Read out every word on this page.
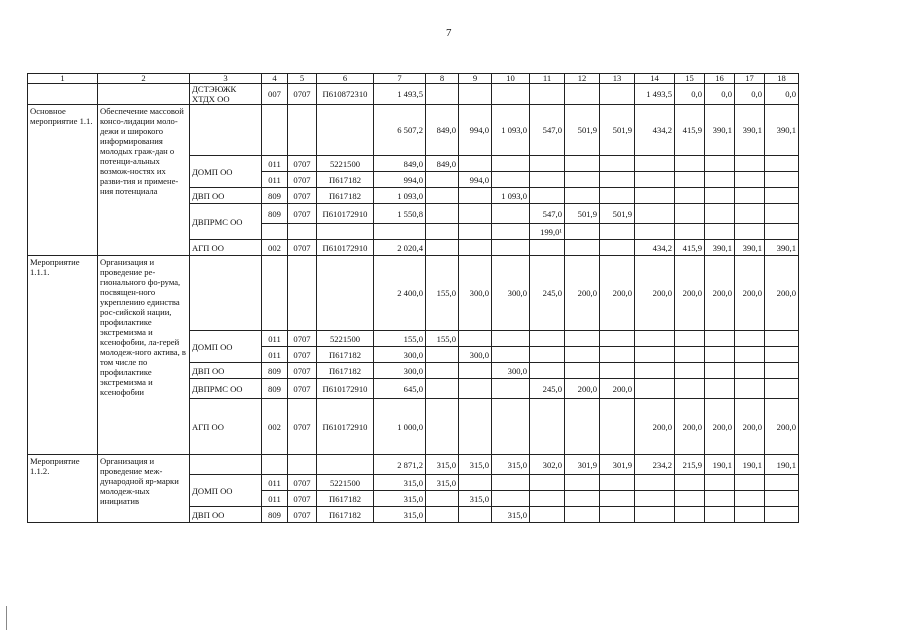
7
1	2	3	4	5	6	7	8	9	10	11	12	13	14	15	16	17	18
		ДСТЭЮЖК ХТДХ ОО	007	0707	П610872310	1 493,5							1 493,5	0,0	0,0	0,0	0,0
Основное мероприятие 1.1.	Обеспечение массовой консо-лидации моло-дежи и широкого информирования молодых граж-дан о потенци-альных возмож-ностях их разви-тия и примене-ния потенциала					6 507,2	849,0	994,0	1 093,0	547,0	501,9	501,9	434,2	415,9	390,1	390,1	390,1
		ДОМП ОО	011	0707	5221500	849,0	849,0										
			011	0707	П617182	994,0		994,0									
		ДВП ОО	809	0707	П617182	1 093,0			1 093,0								
		ДВПРМС ОО	809	0707	П610172910	1 550,8				547,0	501,9	501,9					
										199,0¹							
		АГП ОО	002	0707	П610172910	2 020,4							434,2	415,9	390,1	390,1	390,1
Мероприятие 1.1.1.	Организация и проведение ре-гионального фо-рума, посвящен-ного укреплению единства рос-сийской нации, профилактике экстремизма и ксенофобии, ла-герей молодеж-ного актива, в том числе по профилактике экстремизма и ксенофобии					2 400,0	155,0	300,0	300,0	245,0	200,0	200,0	200,0	200,0	200,0	200,0	200,0
		ДОМП ОО	011	0707	5221500	155,0	155,0										
			011	0707	П617182	300,0		300,0									
		ДВП ОО	809	0707	П617182	300,0			300,0								
		ДВПРМС ОО	809	0707	П610172910	645,0				245,0	200,0	200,0					
		АГП ОО	002	0707	П610172910	1 000,0							200,0	200,0	200,0	200,0	200,0
Мероприятие 1.1.2.	Организация и проведение меж-дународной яр-марки молодеж-ных инициатив					2 871,2	315,0	315,0	315,0	302,0	301,9	301,9	234,2	215,9	190,1	190,1	190,1
		ДОМП ОО	011	0707	5221500	315,0	315,0										
			011	0707	П617182	315,0		315,0									
		ДВП ОО	809	0707	П617182	315,0			315,0								
